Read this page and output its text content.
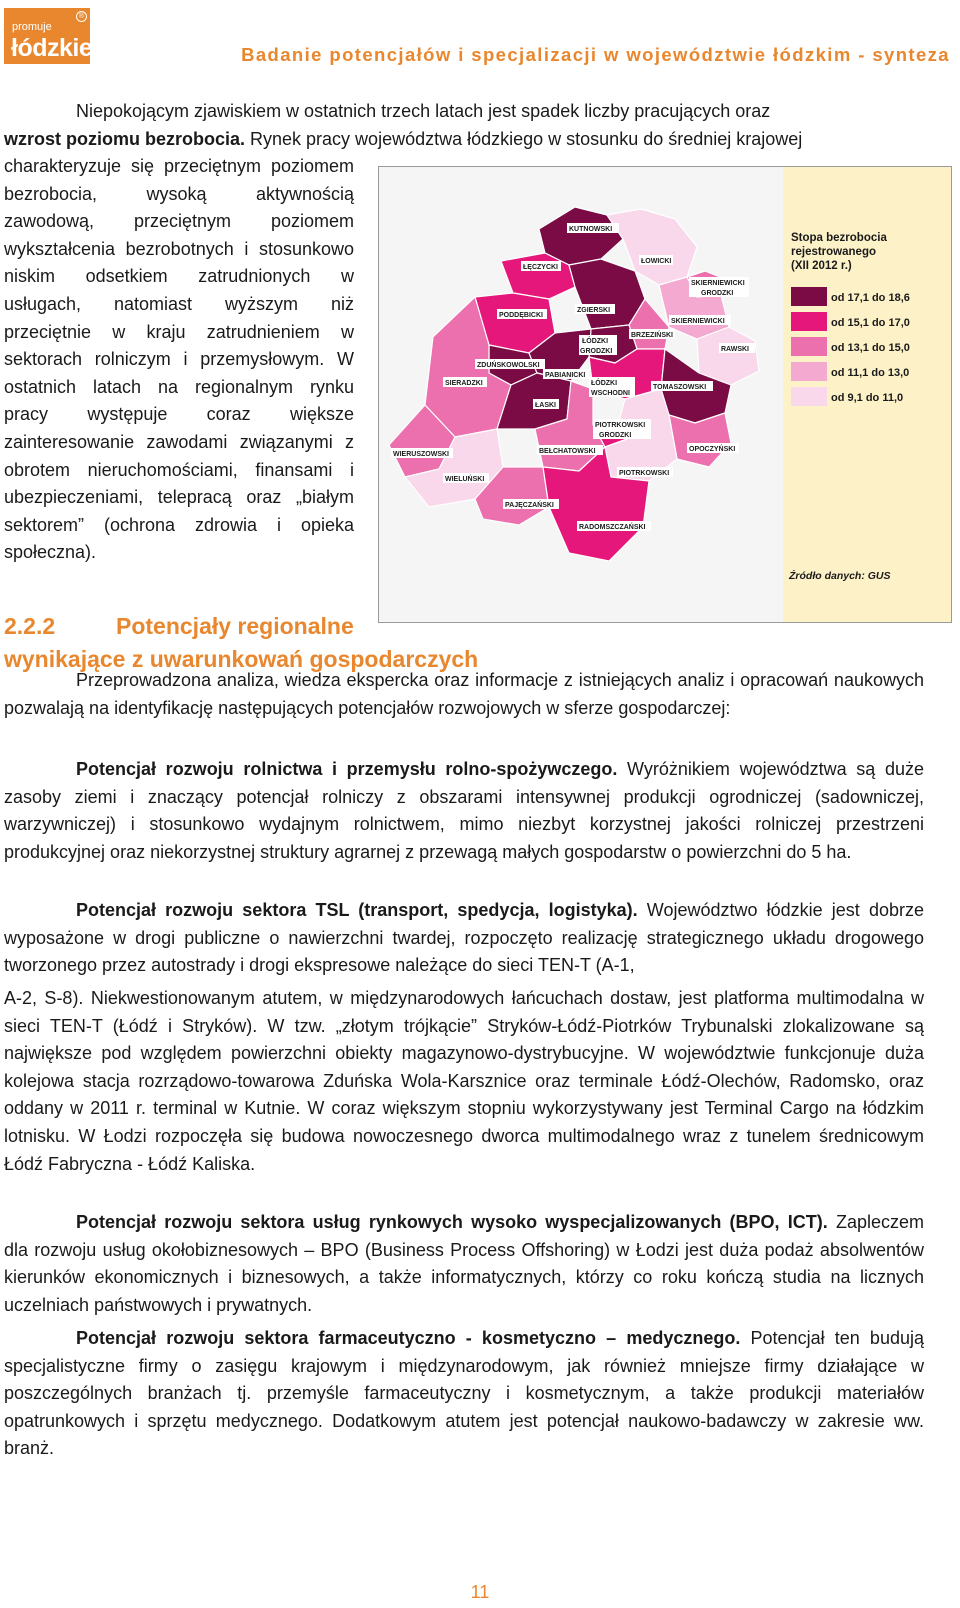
promuje
łódzkie
®
Badanie potencjałów i specjalizacji w województwie łódzkim - synteza

Niepokojącym zjawiskiem w ostatnich trzech latach jest spadek liczby pracujących oraz

wzrost poziomu bezrobocia. Rynek pracy województwa łódzkiego w stosunku do średniej krajowej

charakteryzuje się przeciętnym poziomem bezrobocia, wysoką aktywnością zawodową, przeciętnym poziomem wykształcenia bezrobotnych i stosunkowo niskim odsetkiem zatrudnionych w usługach, natomiast wyższym niż przeciętnie w kraju zatrudnieniem w sektorach rolniczym i przemysłowym. W ostatnich latach na regionalnym rynku pracy występuje coraz większe zainteresowanie zawodami związanymi z obrotem nieruchomościami, finansami i ubezpieczeniami, telepracą oraz „białym sektorem” (ochrona zdrowia i opieka społeczna).

KUTNOWSKI
ŁĘCZYCKI
ŁOWICKI
SKIERNIEWICKI
GRODZKI
ZGIERSKI
PODDĘBICKI
SKIERNIEWICKI
BRZEZIŃSKI
ŁÓDZKI
GRODZKI	RAWSKI
ZDUŃSKOWOLSKI
PABIANICKI
SIERADZKI	ŁÓDZKI
WSCHODNI
TOMASZOWSKI
ŁASKI
PIOTRKOWSKI
GRODZKI
BEŁCHATOWSKI	OPOCZYŃSKI
WIERUSZOWSKI
PIOTRKOWSKI
WIELUŃSKI
PAJĘCZAŃSKI
RADOMSZCZAŃSKI
Stopa bezrobocia
rejestrowanego
(XII 2012 r.)
od 17,1 do 18,6
od 15,1 do 17,0
od 13,1 do 15,0
od 11,1 do 13,0
od 9,1 do 11,0
Źródło danych: GUS
2.2.2	Potencjały regionalne
wynikające z uwarunkowań gospodarczych

Przeprowadzona analiza, wiedza ekspercka oraz informacje z istniejących analiz i opracowań naukowych pozwalają na identyfikację następujących potencjałów rozwojowych w sferze gospodarczej:

Potencjał rozwoju rolnictwa i przemysłu rolno-spożywczego. Wyróżnikiem województwa są duże zasoby ziemi i znaczący potencjał rolniczy z obszarami intensywnej produkcji ogrodniczej (sadowniczej, warzywniczej) i stosunkowo wydajnym rolnictwem, mimo niezbyt korzystnej jakości rolniczej przestrzeni produkcyjnej oraz niekorzystnej struktury agrarnej z przewagą małych gospodarstw o powierzchni do 5 ha.

Potencjał rozwoju sektora TSL (transport, spedycja, logistyka). Województwo łódzkie jest dobrze wyposażone w drogi publiczne o nawierzchni twardej, rozpoczęto realizację strategicznego układu drogowego tworzonego przez autostrady i drogi ekspresowe należące do sieci TEN-T (A-1,

A-2, S-8). Niekwestionowanym atutem, w międzynarodowych łańcuchach dostaw, jest platforma multimodalna w sieci TEN-T (Łódź i Stryków). W tzw. „złotym trójkącie” Stryków-Łódź-Piotrków Trybunalski zlokalizowane są największe pod względem powierzchni obiekty magazynowo-dystrybucyjne. W województwie funkcjonuje duża kolejowa stacja rozrządowo-towarowa Zduńska Wola-Karsznice oraz terminale Łódź-Olechów, Radomsko, oraz oddany w 2011 r. terminal w Kutnie. W coraz większym stopniu wykorzystywany jest Terminal Cargo na łódzkim lotnisku. W Łodzi rozpoczęła się budowa nowoczesnego dworca multimodalnego wraz z tunelem średnicowym Łódź Fabryczna - Łódź Kaliska.

Potencjał rozwoju sektora usług rynkowych wysoko wyspecjalizowanych (BPO, ICT). Zapleczem dla rozwoju usług okołobiznesowych – BPO (Business Process Offshoring) w Łodzi jest duża podaż absolwentów kierunków ekonomicznych i biznesowych, a także informatycznych, którzy co roku kończą studia na licznych uczelniach państwowych i prywatnych.

Potencjał rozwoju sektora farmaceutyczno - kosmetyczno – medycznego. Potencjał ten budują specjalistyczne firmy o zasięgu krajowym i międzynarodowym, jak również mniejsze firmy działające w poszczególnych branżach tj. przemyśle farmaceutyczny i kosmetycznym, a także produkcji materiałów opatrunkowych i sprzętu medycznego. Dodatkowym atutem jest potencjał naukowo-badawczy w zakresie ww. branż.

11
